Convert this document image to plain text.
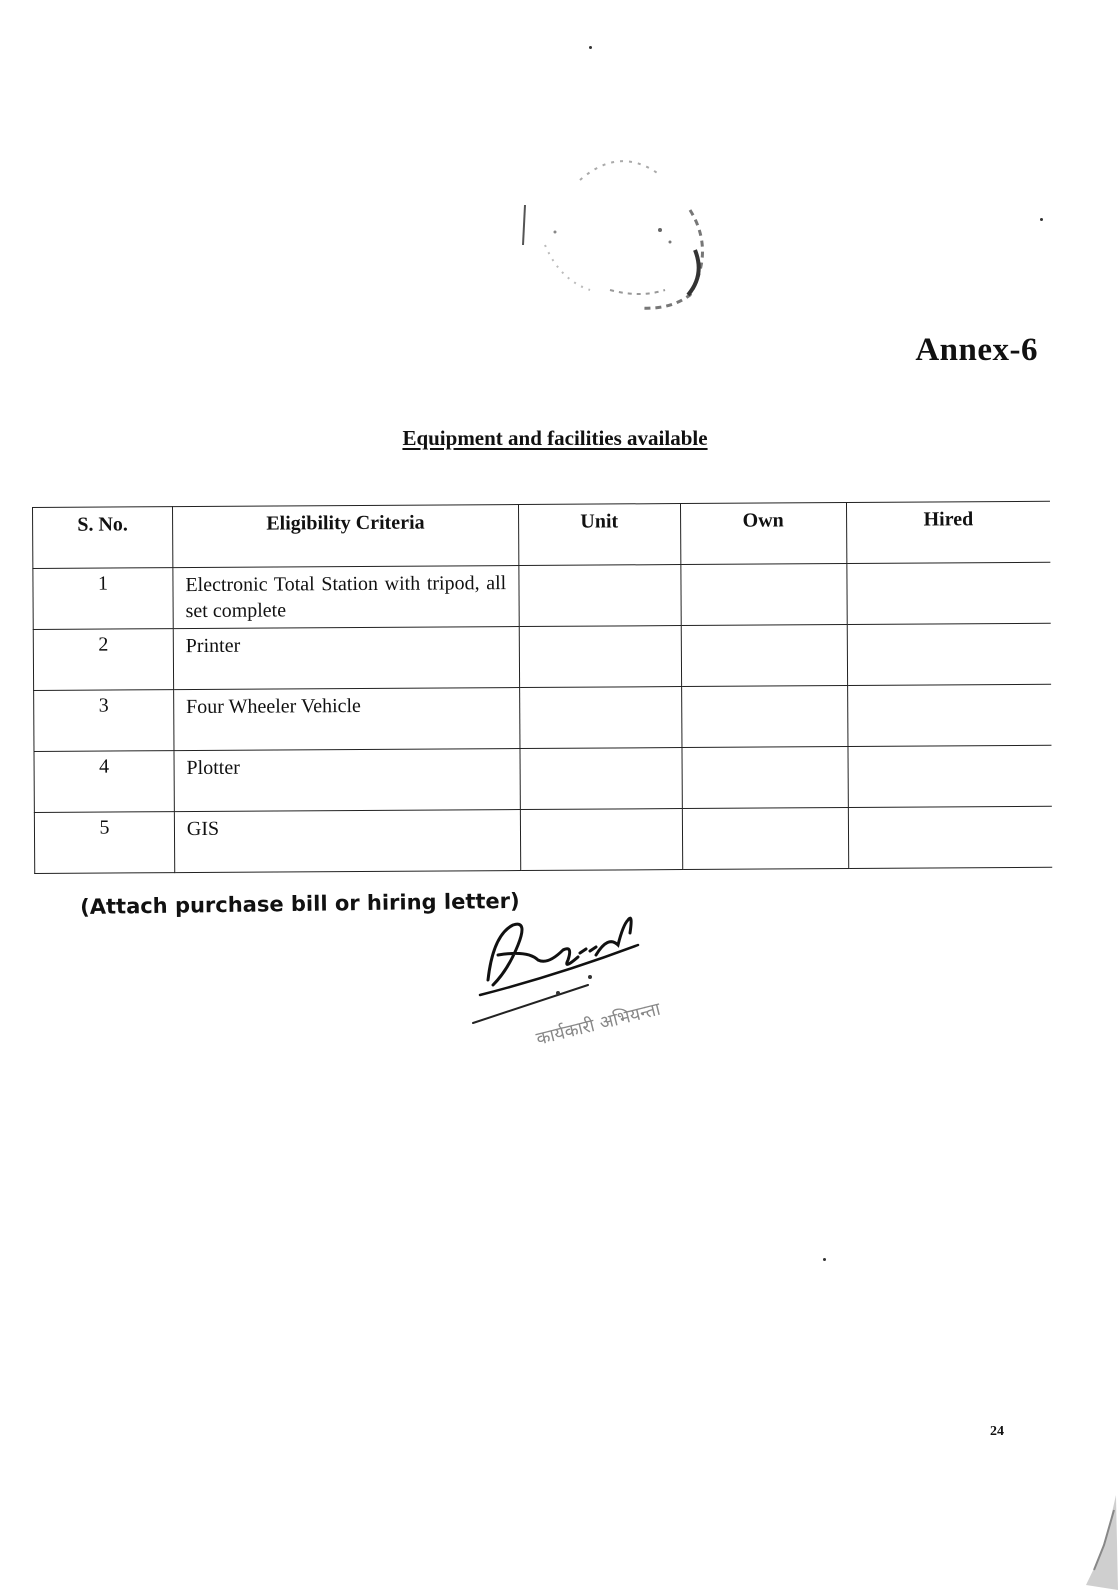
Annex-6
Equipment and facilities available
S. No.	Eligibility Criteria	Unit	Own	Hired
1	Electronic Total Station with tripod, all set complete			
2	Printer			
3	Four Wheeler Vehicle			
4	Plotter			
5	GIS			
(Attach purchase bill or hiring letter)
कार्यकारी अभियन्ता
24
